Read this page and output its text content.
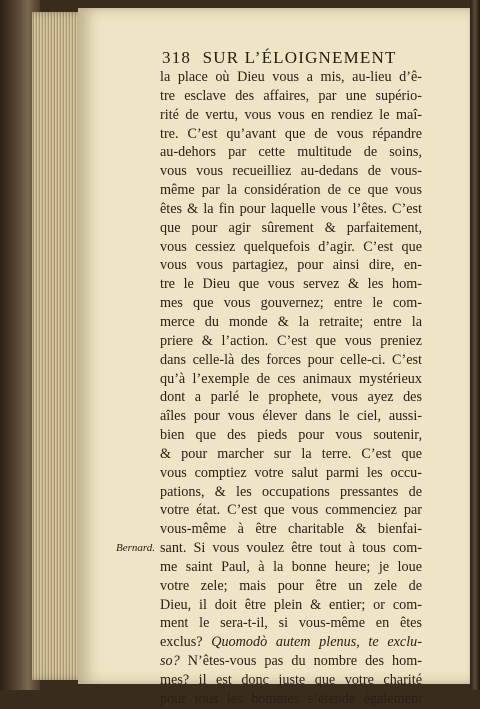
318 SUR L’ÉLOIGNEMENT
Bernard.
la place où Dieu vous a mis, au-lieu d’ê-
tre esclave des affaires, par une supério-
rité de vertu, vous vous en rendiez le maî-
tre. C’est qu’avant que de vous répandre
au-dehors par cette multitude de soins,
vous vous recueilliez au-dedans de vous-
même par la considération de ce que vous
êtes & la fin pour laquelle vous l’êtes. C’est
que pour agir sûrement & parfaitement,
vous cessiez quelquefois d’agir. C’est que
vous vous partagiez, pour ainsi dire, en-
tre le Dieu que vous servez & les hom-
mes que vous gouvernez; entre le com-
merce du monde & la retraite; entre la
priere & l’action. C’est que vous preniez
dans celle-là des forces pour celle-ci. C’est
qu’à l’exemple de ces animaux mystérieux
dont a parlé le prophete, vous ayez des
aîles pour vous élever dans le ciel, aussi-
bien que des pieds pour vous soutenir,
& pour marcher sur la terre. C’est que
vous comptiez votre salut parmi les occu-
pations, & les occupations pressantes de
votre état. C’est que vous commenciez par
vous-même à être charitable & bienfai-
sant. Si vous voulez être tout à tous com-
me saint Paul, à la bonne heure; je loue
votre zele; mais pour être un zele de
Dieu, il doit être plein & entier; or com-
ment le sera-t-il, si vous-même en êtes
exclus? Quomodò autem plenus, te exclu-
so? N’êtes-vous pas du nombre des hom-
mes? il est donc juste que votre charité
pour tous les hommes s’étende également
